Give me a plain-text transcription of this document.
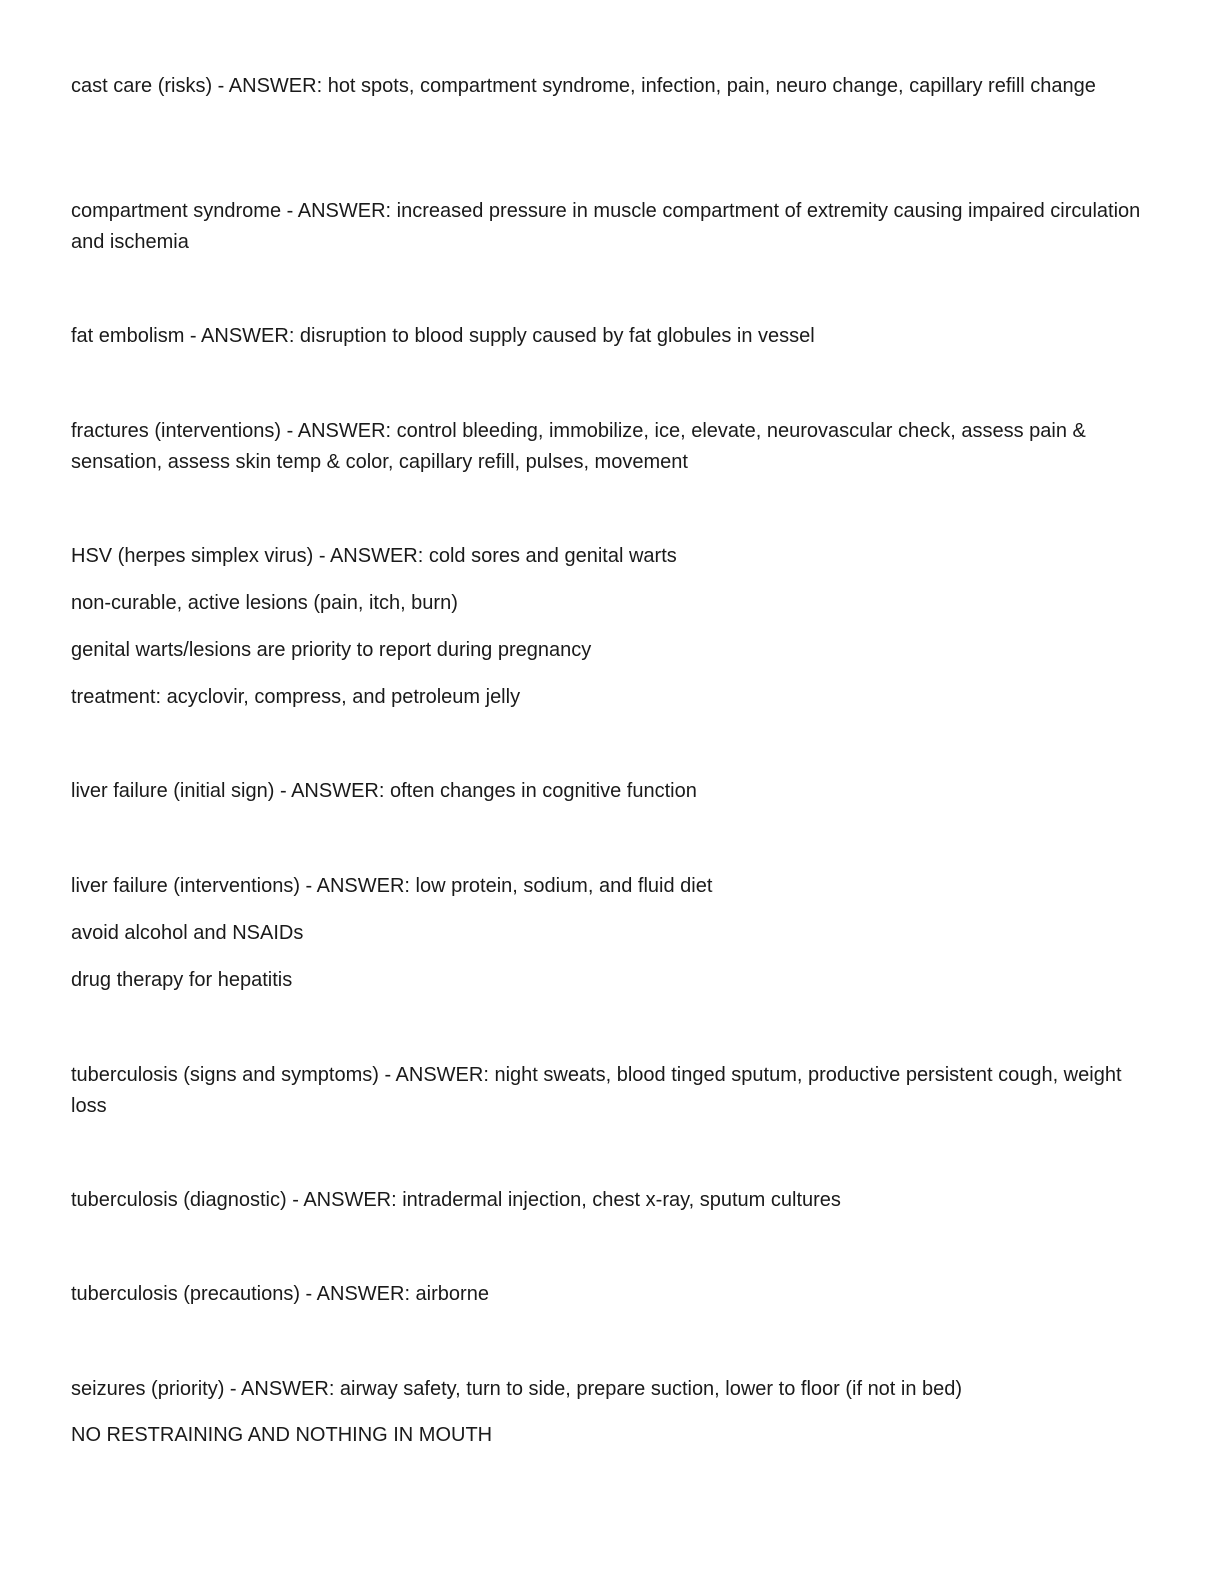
cast care (risks) - ANSWER: hot spots, compartment syndrome, infection, pain, neuro change, capillary refill change
compartment syndrome - ANSWER: increased pressure in muscle compartment of extremity causing impaired circulation and ischemia
fat embolism - ANSWER: disruption to blood supply caused by fat globules in vessel
fractures (interventions) - ANSWER: control bleeding, immobilize, ice, elevate, neurovascular check, assess pain & sensation, assess skin temp & color, capillary refill, pulses, movement
HSV (herpes simplex virus) - ANSWER: cold sores and genital warts
non-curable, active lesions (pain, itch, burn)
genital warts/lesions are priority to report during pregnancy
treatment: acyclovir, compress, and petroleum jelly
liver failure (initial sign) - ANSWER: often changes in cognitive function
liver failure (interventions) - ANSWER: low protein, sodium, and fluid diet
avoid alcohol and NSAIDs
drug therapy for hepatitis
tuberculosis (signs and symptoms) - ANSWER: night sweats, blood tinged sputum, productive persistent cough, weight loss
tuberculosis (diagnostic) - ANSWER: intradermal injection, chest x-ray, sputum cultures
tuberculosis (precautions) - ANSWER: airborne
seizures (priority) - ANSWER: airway safety, turn to side, prepare suction, lower to floor (if not in bed)
NO RESTRAINING AND NOTHING IN MOUTH
